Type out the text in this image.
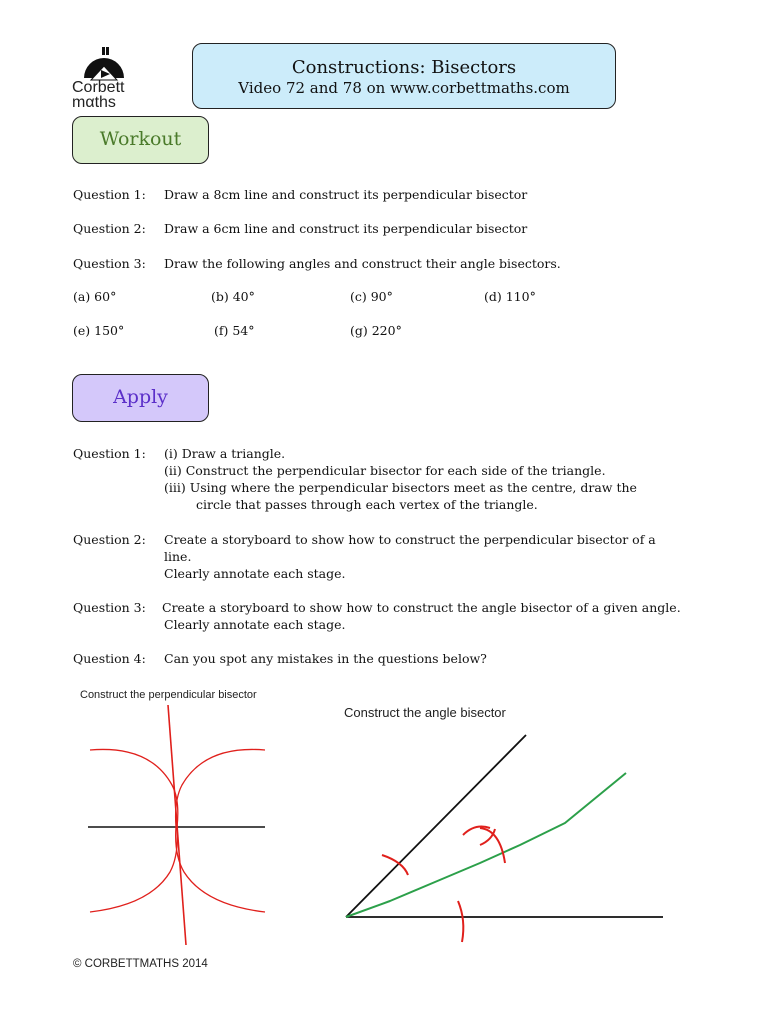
Corbett
mαths
Constructions: Bisectors
Video 72 and 78 on www.corbettmaths.com
Workout
Question 1: Draw a 8cm line and construct its perpendicular bisector
Question 2: Draw a 6cm line and construct its perpendicular bisector
Question 3: Draw the following angles and construct their angle bisectors.
(a) 60°	(b) 40°	(c) 90°	(d) 110°
(e) 150°	(f) 54°	(g) 220°
Apply
Question 1: (i) Draw a triangle.
(ii) Construct the perpendicular bisector for each side of the triangle.
(iii) Using where the perpendicular bisectors meet as the centre, draw the
circle that passes through each vertex of the triangle.
Question 2: Create a storyboard to show how to construct the perpendicular bisector of a
line.
Clearly annotate each stage.
Question 3: Create a storyboard to show how to construct the angle bisector of a given angle.
Clearly annotate each stage.
Question 4: Can you spot any mistakes in the questions below?
Construct the perpendicular bisector
Construct the angle bisector
© CORBETTMATHS 2014
